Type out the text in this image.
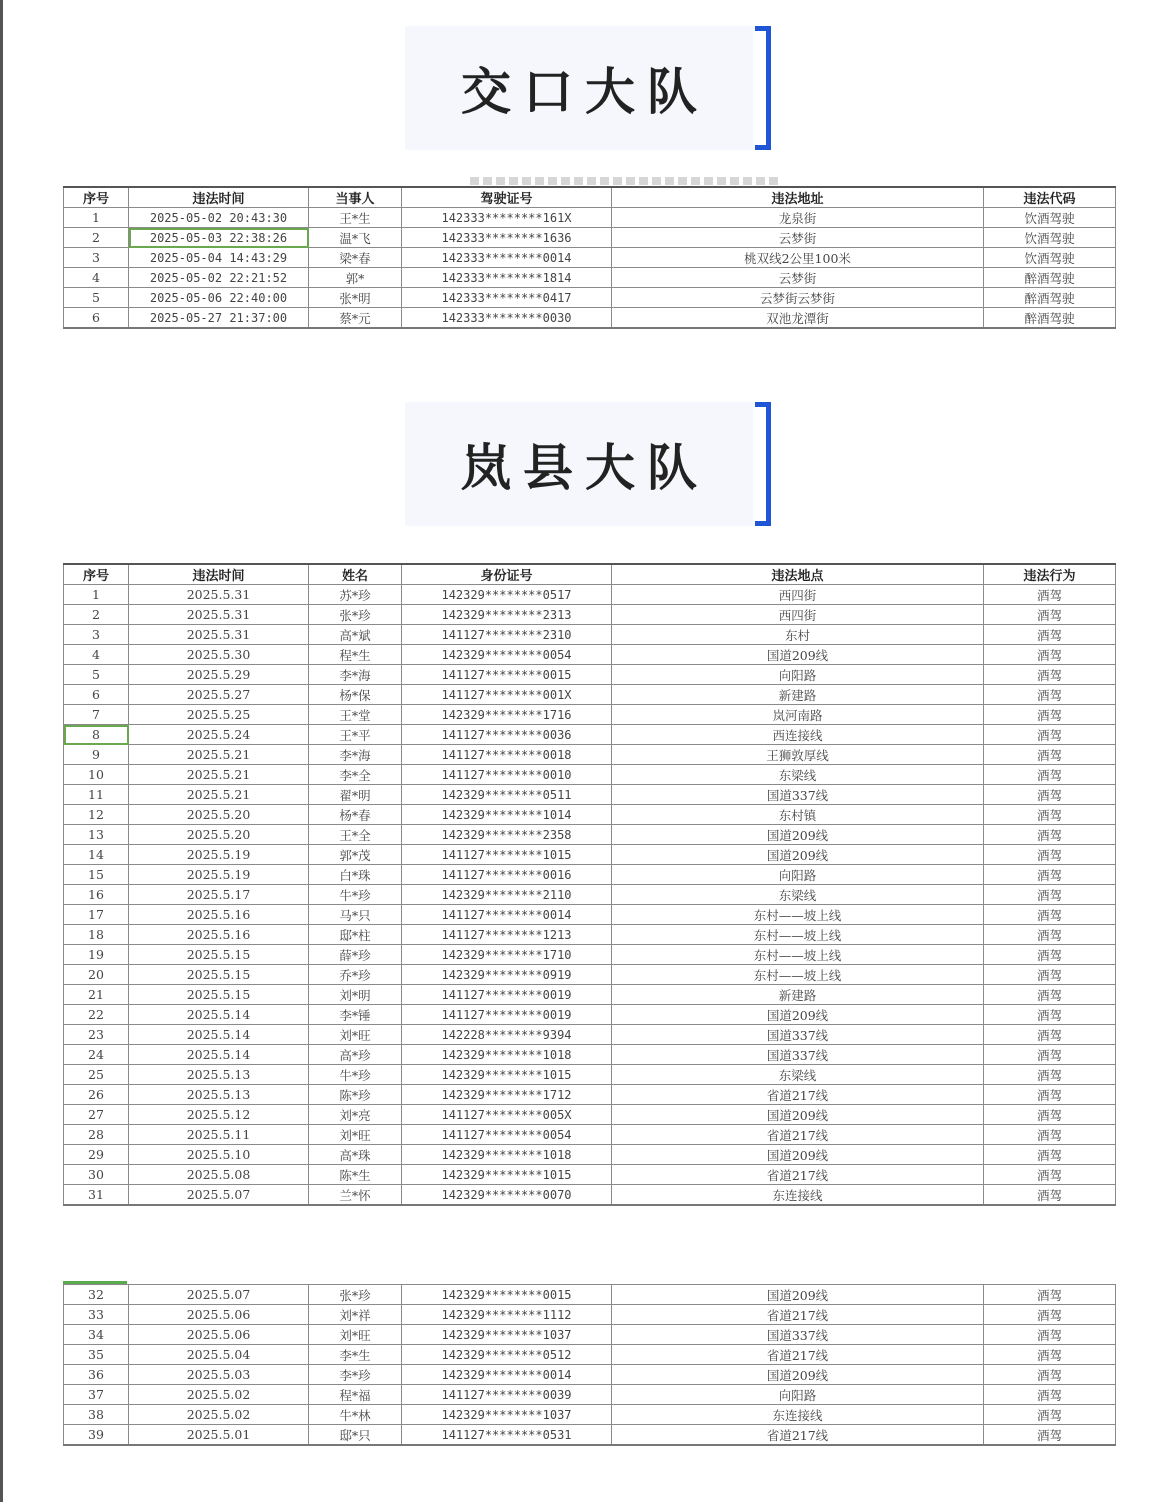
交口大队
序号	违法时间	当事人	驾驶证号	违法地址	违法代码
1	2025-05-02 20:43:30	王*生	142333********161X	龙泉街	饮酒驾驶
2	2025-05-03 22:38:26	温*飞	142333********1636	云梦街	饮酒驾驶
3	2025-05-04 14:43:29	梁*春	142333********0014	桃双线2公里100米	饮酒驾驶
4	2025-05-02 22:21:52	郭*	142333********1814	云梦街	醉酒驾驶
5	2025-05-06 22:40:00	张*明	142333********0417	云梦街云梦街	醉酒驾驶
6	2025-05-27 21:37:00	蔡*元	142333********0030	双池龙潭街	醉酒驾驶
岚县大队
序号	违法时间	姓名	身份证号	违法地点	违法行为
1	2025.5.31	苏*珍	142329********0517	西四街	酒驾
2	2025.5.31	张*珍	142329********2313	西四街	酒驾
3	2025.5.31	高*斌	141127********2310	东村	酒驾
4	2025.5.30	程*生	142329********0054	国道209线	酒驾
5	2025.5.29	李*海	141127********0015	向阳路	酒驾
6	2025.5.27	杨*保	141127********001X	新建路	酒驾
7	2025.5.25	王*堂	142329********1716	岚河南路	酒驾
8	2025.5.24	王*平	141127********0036	西连接线	酒驾
9	2025.5.21	李*海	141127********0018	王狮敦厚线	酒驾
10	2025.5.21	李*全	141127********0010	东梁线	酒驾
11	2025.5.21	翟*明	142329********0511	国道337线	酒驾
12	2025.5.20	杨*春	142329********1014	东村镇	酒驾
13	2025.5.20	王*全	142329********2358	国道209线	酒驾
14	2025.5.19	郭*茂	141127********1015	国道209线	酒驾
15	2025.5.19	白*珠	141127********0016	向阳路	酒驾
16	2025.5.17	牛*珍	142329********2110	东梁线	酒驾
17	2025.5.16	马*只	141127********0014	东村——坡上线	酒驾
18	2025.5.16	邸*柱	141127********1213	东村——坡上线	酒驾
19	2025.5.15	薛*珍	142329********1710	东村——坡上线	酒驾
20	2025.5.15	乔*珍	142329********0919	东村——坡上线	酒驾
21	2025.5.15	刘*明	141127********0019	新建路	酒驾
22	2025.5.14	李*锤	141127********0019	国道209线	酒驾
23	2025.5.14	刘*旺	142228********9394	国道337线	酒驾
24	2025.5.14	高*珍	142329********1018	国道337线	酒驾
25	2025.5.13	牛*珍	142329********1015	东梁线	酒驾
26	2025.5.13	陈*珍	142329********1712	省道217线	酒驾
27	2025.5.12	刘*亮	141127********005X	国道209线	酒驾
28	2025.5.11	刘*旺	141127********0054	省道217线	酒驾
29	2025.5.10	高*珠	142329********1018	国道209线	酒驾
30	2025.5.08	陈*生	142329********1015	省道217线	酒驾
31	2025.5.07	兰*怀	142329********0070	东连接线	酒驾
32	2025.5.07	张*珍	142329********0015	国道209线	酒驾
33	2025.5.06	刘*祥	142329********1112	省道217线	酒驾
34	2025.5.06	刘*旺	142329********1037	国道337线	酒驾
35	2025.5.04	李*生	142329********0512	省道217线	酒驾
36	2025.5.03	李*珍	142329********0014	国道209线	酒驾
37	2025.5.02	程*福	141127********0039	向阳路	酒驾
38	2025.5.02	牛*林	142329********1037	东连接线	酒驾
39	2025.5.01	邸*只	141127********0531	省道217线	酒驾
